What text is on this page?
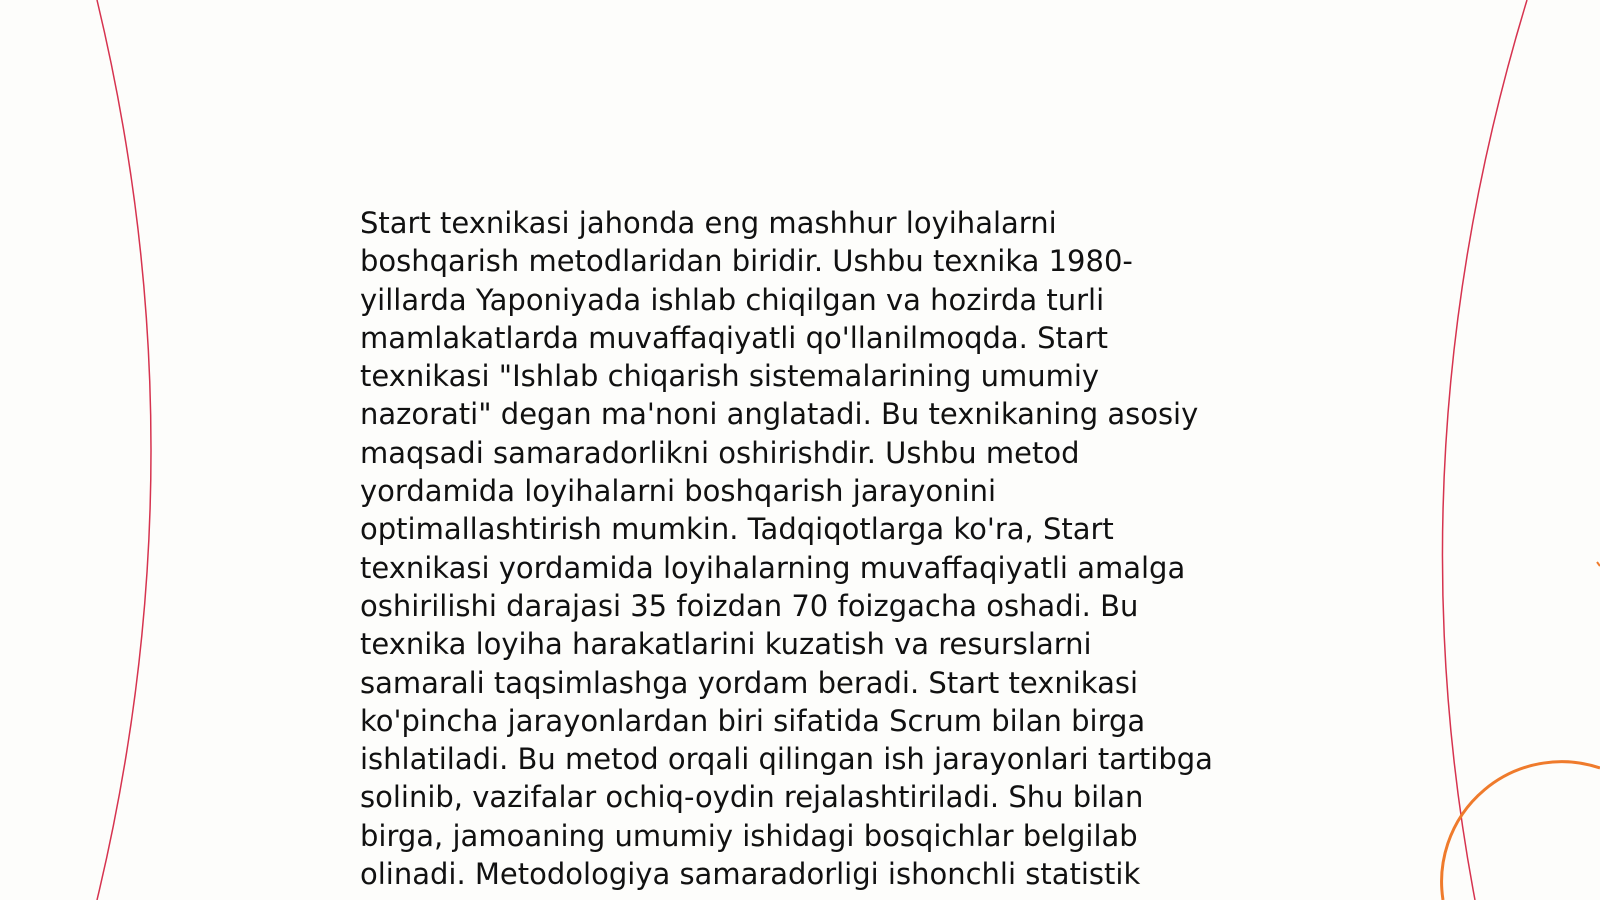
Start texnikasi jahonda eng mashhur loyihalarni
boshqarish metodlaridan biridir. Ushbu texnika 1980-
yillarda Yaponiyada ishlab chiqilgan va hozirda turli
mamlakatlarda muvaffaqiyatli qo'llanilmoqda. Start
texnikasi "Ishlab chiqarish sistemalarining umumiy
nazorati" degan ma'noni anglatadi. Bu texnikaning asosiy
maqsadi samaradorlikni oshirishdir. Ushbu metod
yordamida loyihalarni boshqarish jarayonini
optimallashtirish mumkin. Tadqiqotlarga ko'ra, Start
texnikasi yordamida loyihalarning muvaffaqiyatli amalga
oshirilishi darajasi 35 foizdan 70 foizgacha oshadi. Bu
texnika loyiha harakatlarini kuzatish va resurslarni
samarali taqsimlashga yordam beradi. Start texnikasi
ko'pincha jarayonlardan biri sifatida Scrum bilan birga
ishlatiladi. Bu metod orqali qilingan ish jarayonlari tartibga
solinib, vazifalar ochiq-oydin rejalashtiriladi. Shu bilan
birga, jamoaning umumiy ishidagi bosqichlar belgilab
olinadi. Metodologiya samaradorligi ishonchli statistik
